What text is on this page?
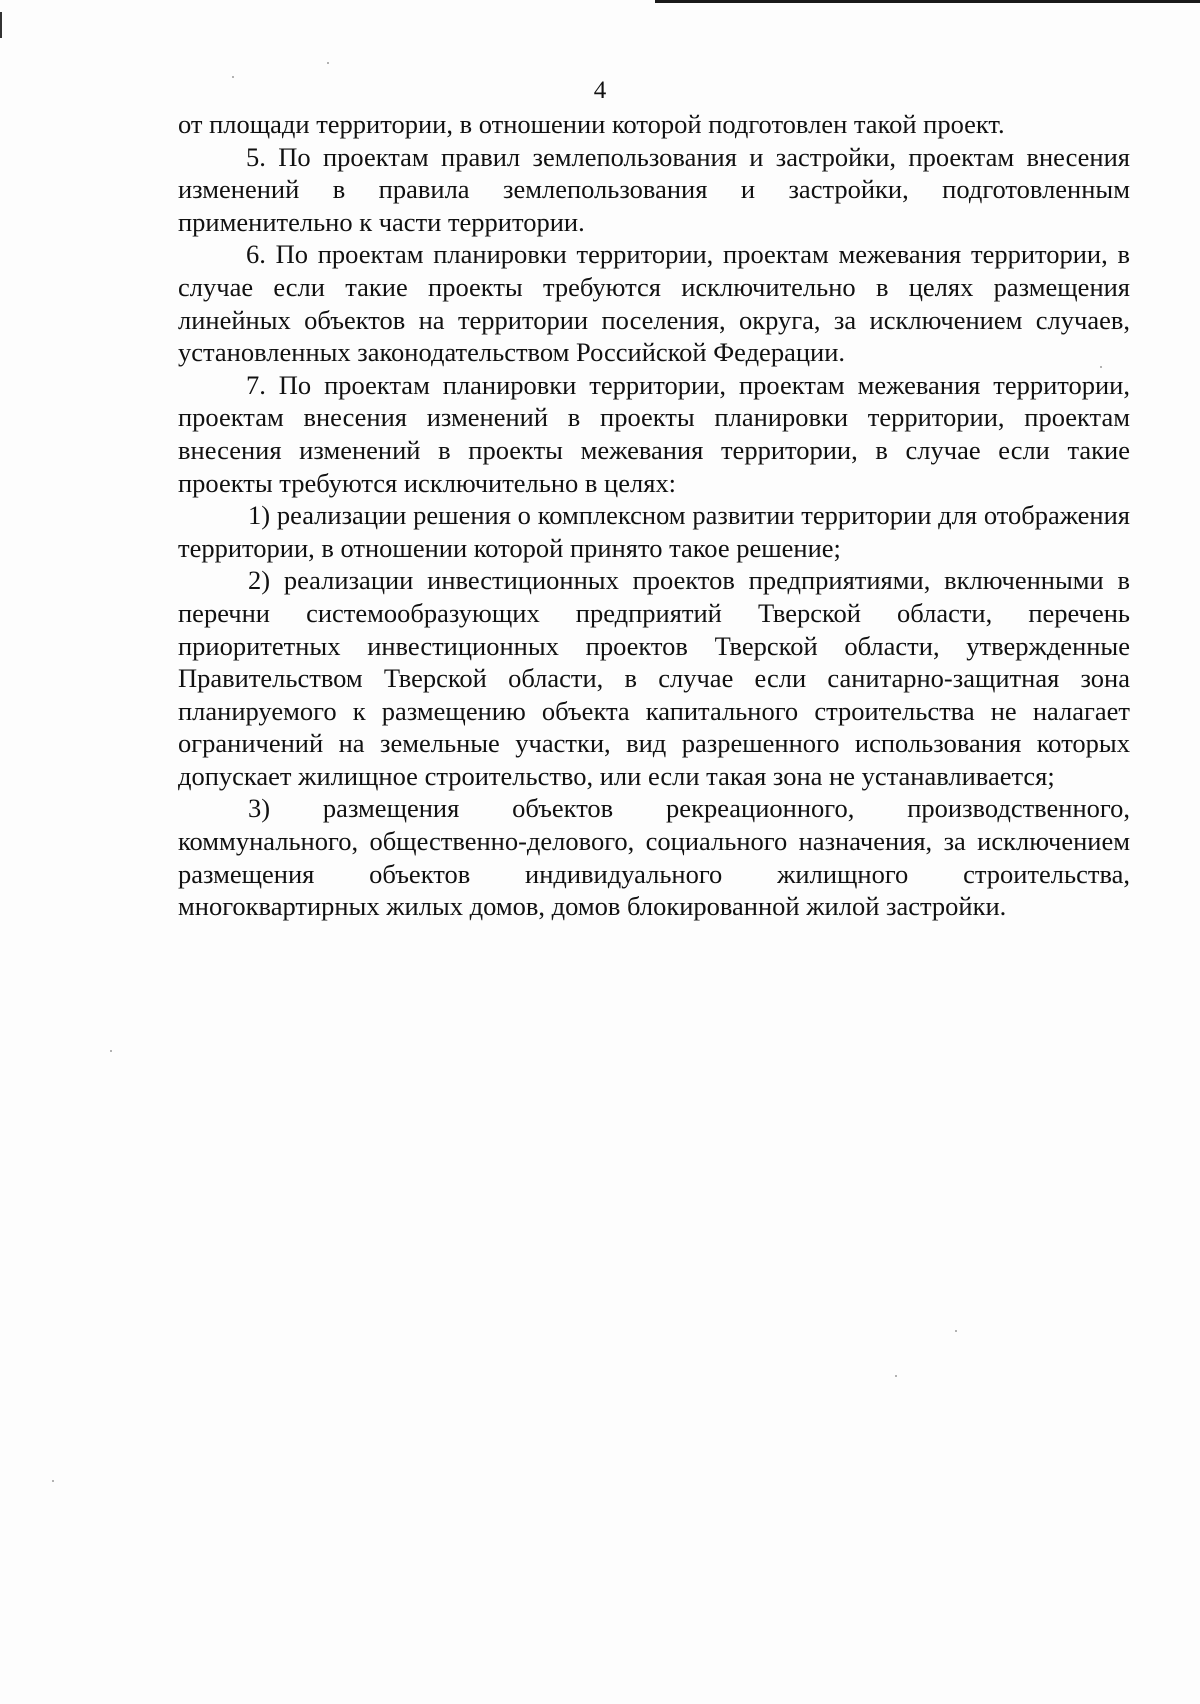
4

от площади территории, в отношении которой подготовлен такой проект.

5. По проектам правил землепользования и застройки, проектам внесения изменений в правила землепользования и застройки, подготовленным применительно к части территории.

6. По проектам планировки территории, проектам межевания территории, в случае если такие проекты требуются исключительно в целях размещения линейных объектов на территории поселения, округа, за исключением случаев, установленных законодательством Российской Федерации.

7. По проектам планировки территории, проектам межевания территории, проектам внесения изменений в проекты планировки территории, проектам внесения изменений в проекты межевания территории, в случае если такие проекты требуются исключительно в целях:

1) реализации решения о комплексном развитии территории для отображения территории, в отношении которой принято такое решение;

2) реализации инвестиционных проектов предприятиями, включенными в перечни системообразующих предприятий Тверской области, перечень приоритетных инвестиционных проектов Тверской области, утвержденные Правительством Тверской области, в случае если санитарно-защитная зона планируемого к размещению объекта капитального строительства не налагает ограничений на земельные участки, вид разрешенного использования которых допускает жилищное строительство, или если такая зона не устанавливается;

3) размещения объектов рекреационного, производственного, коммунального, общественно-делового, социального назначения, за исключением размещения объектов индивидуального жилищного строительства, многоквартирных жилых домов, домов блокированной жилой застройки.
